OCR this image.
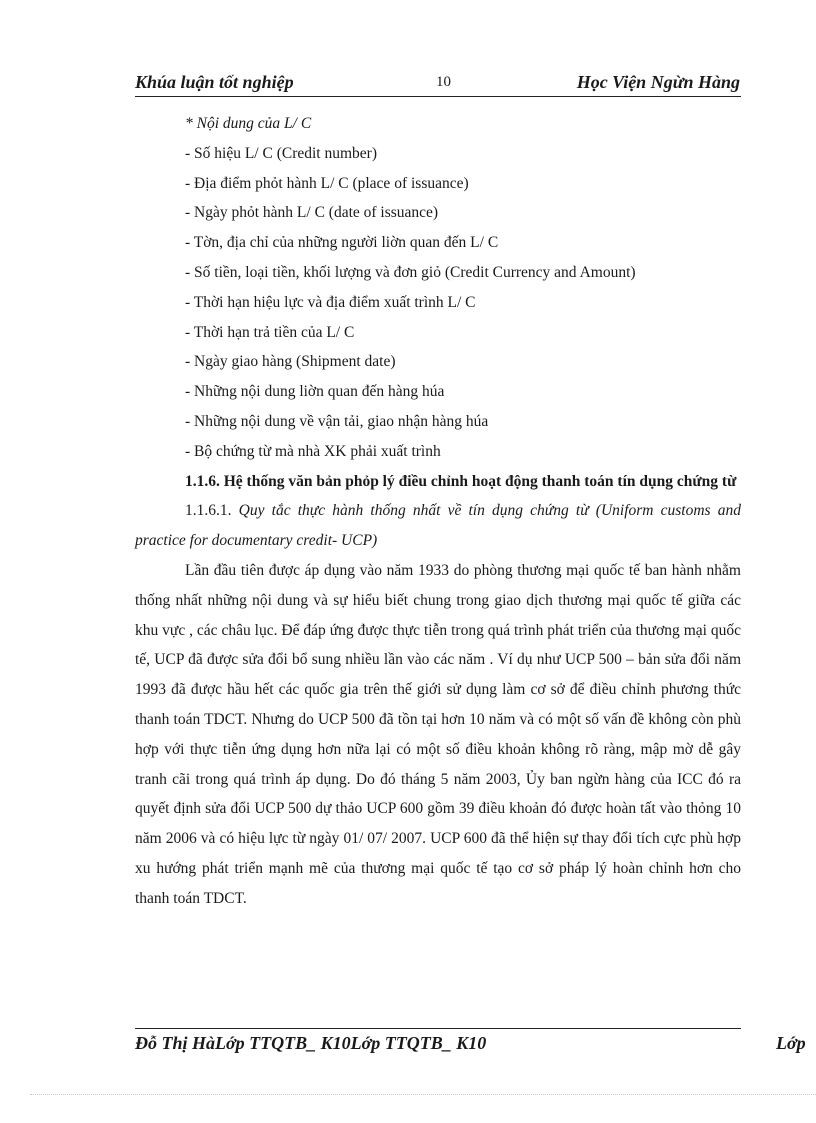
Khúa luận tốt nghiệp	10	Học Viện Ngừn Hàng

* Nội dung của L/ C

- Số hiệu L/ C (Credit number)

- Địa điểm phỏt hành L/ C (place of issuance)

- Ngày phỏt hành L/ C (date of issuance)

- Tờn, địa chỉ của những người liờn quan đến L/ C

- Số tiền, loại tiền, khối lượng và đơn giỏ (Credit Currency and Amount)

- Thời hạn hiệu lực và địa điểm xuất trình L/ C

- Thời hạn trả tiền của L/ C

- Ngày giao hàng (Shipment date)

- Những nội dung liờn quan đến hàng húa

- Những nội dung về vận tải, giao nhận hàng húa

- Bộ chứng từ mà nhà XK phải xuất trình

1.1.6. Hệ thống văn bản phỏp lý điều chỉnh hoạt động thanh toán tín dụng chứng từ

1.1.6.1. Quy tắc thực hành thống nhất về tín dụng chứng từ (Uniform customs and practice for documentary credit- UCP)

Lần đầu tiên được áp dụng vào năm 1933 do phòng thương mại quốc tế ban hành nhằm thống nhất những nội dung và sự hiểu biết chung trong giao dịch thương mại quốc tế giữa các khu vực , các châu lục. Để đáp ứng được thực tiễn trong quá trình phát triển của thương mại quốc tế, UCP đã được sửa đổi bổ sung nhiều lần vào các năm . Ví dụ như UCP 500 – bản sửa đổi năm 1993 đã được hầu hết các quốc gia trên thế giới sử dụng làm cơ sở để điều chỉnh phương thức thanh toán TDCT. Nhưng do UCP 500 đã tồn tại hơn 10 năm và có một số vấn đề không còn phù hợp với thực tiễn ứng dụng hơn nữa lại có một số điều khoản không rõ ràng, mập mờ dễ gây tranh cãi trong quá trình áp dụng. Do đó tháng 5 năm 2003, Ủy ban ngừn hàng của ICC đó ra quyết định sửa đổi UCP 500 dự thảo UCP 600 gồm 39 điều khoản đó được hoàn tất vào thỏng 10 năm 2006 và có hiệu lực từ ngày 01/ 07/ 2007. UCP 600 đã thể hiện sự thay đổi tích cực phù hợp xu hướng phát triển mạnh mẽ của thương mại quốc tế tạo cơ sở pháp lý hoàn chỉnh hơn cho thanh toán TDCT.

Đỗ Thị HàLớp TTQTB_ K10Lớp TTQTB_ K10	Lớp
